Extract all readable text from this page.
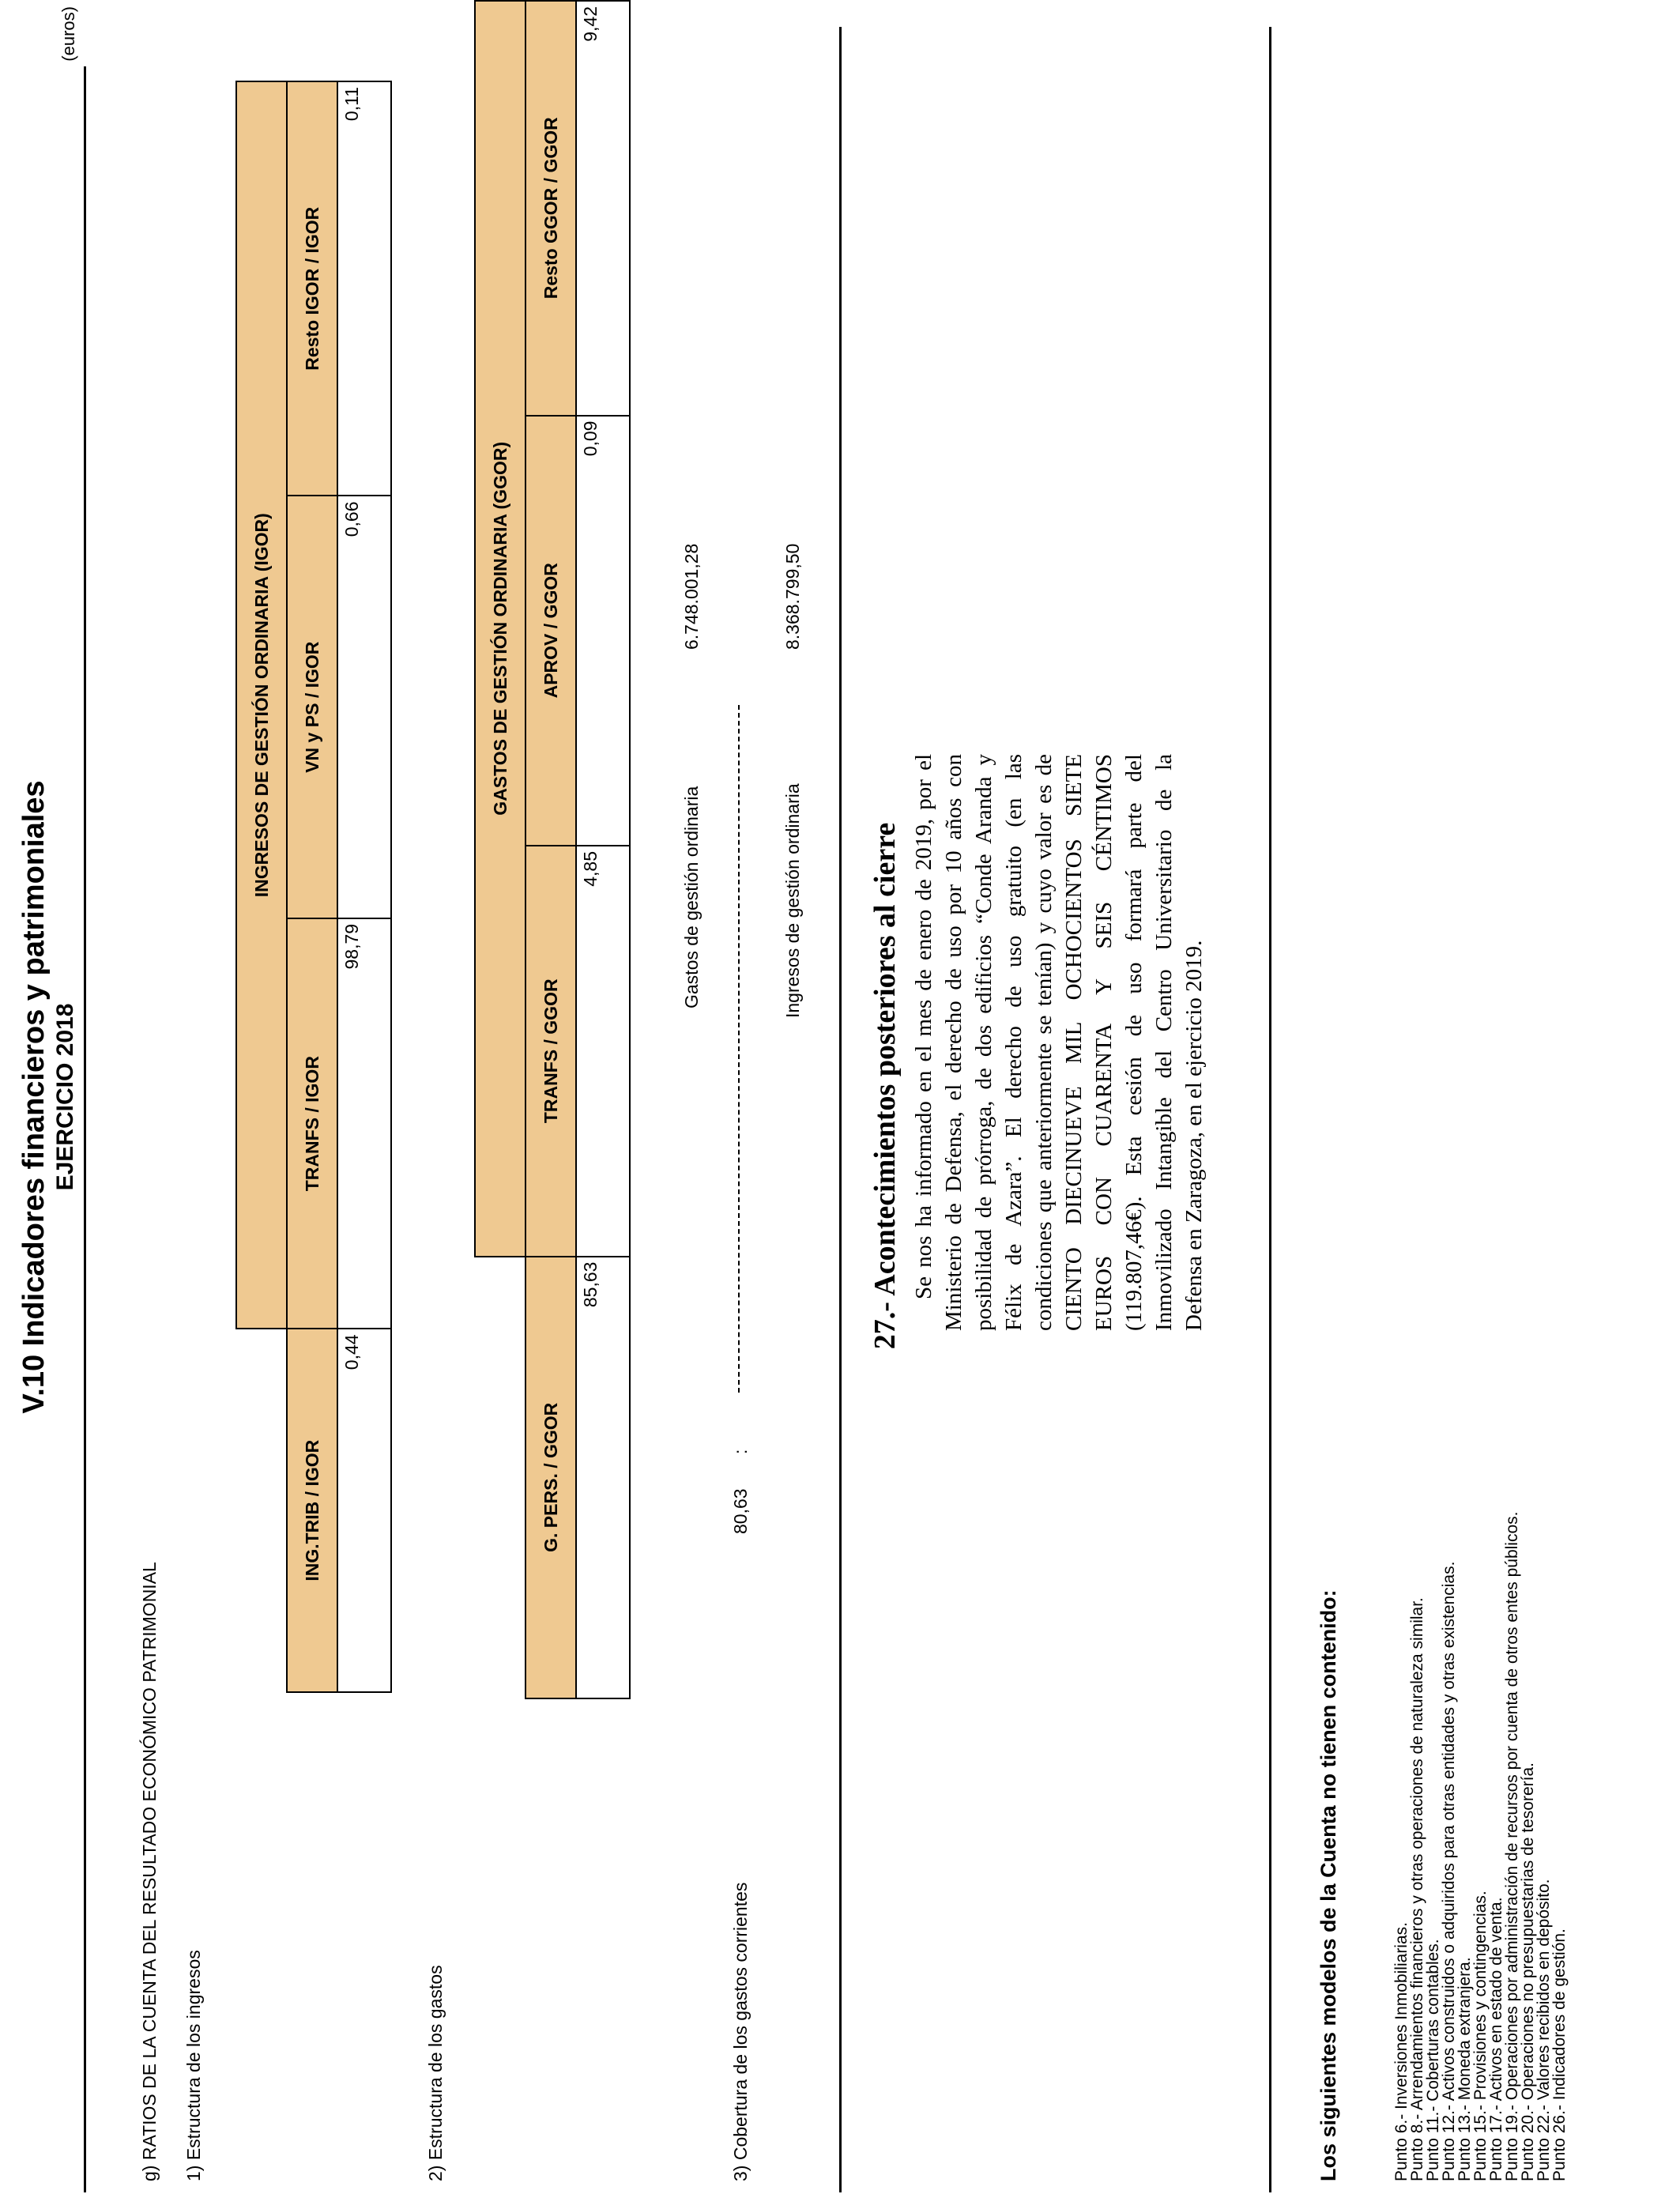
V.10 Indicadores financieros y patrimoniales EJERCICIO 2018
(euros)
g) RATIOS DE LA CUENTA DEL RESULTADO ECONÓMICO PATRIMONIAL 1) Estructura de los ingresos
	INGRESOS DE GESTIÓN ORDINARIA (IGOR)		
ING.TRIB / IGOR	TRANFS / IGOR	VN y PS / IGOR	Resto IGOR / IGOR
0,44	98,79	0,66	0,11
2) Estructura de los gastos
	GASTOS DE GESTIÓN ORDINARIA (GGOR)		
G. PERS. / GGOR	TRANFS / GGOR	APROV / GGOR	Resto GGOR / GGOR
85,63	4,85	0,09	9,42
3) Cobertura de los gastos corrientes
80,63
:
Gastos de gestión ordinaria
6.748.001,28
Ingresos de gestión ordinaria
8.368.799,50
27.- Acontecimientos posteriores al cierre Se nos ha informado en el mes de enero de 2019, por el Ministerio de Defensa, el derecho de uso por 10 años con posibilidad de prórroga, de dos edificios “Conde Aranda y Félix de Azara”. El derecho de uso gratuito (en las condiciones que anteriormente se tenían) y cuyo valor es de CIENTO DIECINUEVE MIL OCHOCIENTOS SIETE EUROS CON CUARENTA Y SEIS CÉNTIMOS (119.807,46€). Esta cesión de uso formará parte del Inmovilizado Intangible del Centro Universitario de la Defensa en Zaragoza, en el ejercicio 2019.
Los siguientes modelos de la Cuenta no tienen contenido:	Punto 6.- Inversiones Inmobiliarias.
Punto 8.- Arrendamientos financieros y otras operaciones de naturaleza similar.
Punto 11.- Coberturas contables.
Punto 12.- Activos construidos o adquiridos para otras entidades y otras existencias.
Punto 13.- Moneda extranjera.
Punto 15.- Provisiones y contingencias.
Punto 17.- Activos en estado de venta.
Punto 19.- Operaciones por administración de recursos por cuenta de otros entes públicos.
Punto 20.- Operaciones no presupuestarias de tesorería.
Punto 22.- Valores recibidos en depósito.
Punto 26.- Indicadores de gestión.
